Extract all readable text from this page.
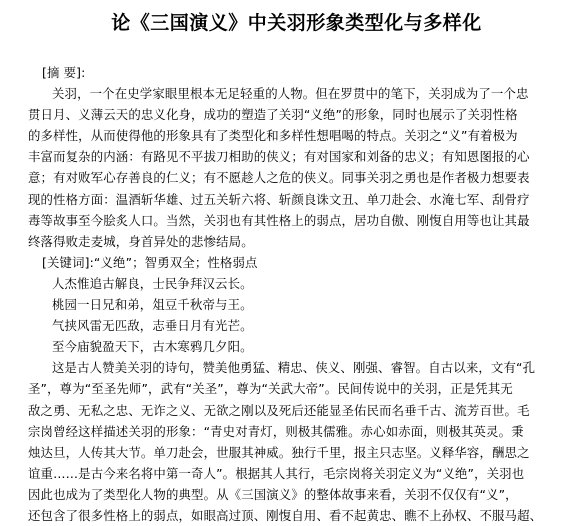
论《三国演义》中关羽形象类型化与多样化
[摘 要]:
关羽，一个在史学家眼里根本无足轻重的人物。但在罗贯中的笔下，关羽成为了一个忠
贯日月、义薄云天的忠义化身，成功的塑造了关羽“义绝”的形象，同时也展示了关羽性格
的多样性，从而使得他的形象具有了类型化和多样性想唱喝的特点。关羽之“义”有着极为
丰富而复杂的内涵：有路见不平拔刀相助的侠义；有对国家和刘备的忠义；有知恩图报的心
意；有对败军心存善良的仁义；有不愿趁人之危的侠义。同事关羽之勇也是作者极力想要表
现的性格方面：温酒斩华雄、过五关斩六将、斩颜良诛文丑、单刀赴会、水淹七军、刮骨疗
毒等故事至今脍炙人口。当然，关羽也有其性格上的弱点，居功自傲、刚愎自用等也让其最
终落得败走麦城，身首异处的悲惨结局。
[关键词]:“义绝”；智勇双全；性格弱点
人杰惟追古解良，士民争拜汉云长。
桃园一日兄和弟，俎豆千秋帝与王。
气挟风雷无匹敌，志垂日月有光芒。
至今庙貌盈天下，古木寒鸦几夕阳。
这是古人赞美关羽的诗句，赞美他勇猛、精忠、侠义、刚强、睿智。自古以来，文有“孔
圣”，尊为“至圣先师”，武有“关圣”，尊为“关武大帝”。民间传说中的关羽，正是凭其无
敌之勇、无私之忠、无诈之义、无欲之刚以及死后还能显圣佑民而名垂千古、流芳百世。毛
宗岗曾经这样描述关羽的形象：“青史对青灯，则极其儒雅。赤心如赤面，则极其英灵。秉
烛达旦，人传其大节。单刀赴会，世服其神威。独行千里，报主只志坚。义释华容，酬思之
谊重……是古今来名将中第一奇人”。根据其人其行，毛宗岗将关羽定义为“义绝”，关羽也
因此也成为了类型化人物的典型。从《三国演义》的整体故事来看，关羽不仅仅有“义”，
还包含了很多性格上的弱点，如眼高过顶、刚愎自用、看不起黄忠、瞧不上孙权、不服马超、
